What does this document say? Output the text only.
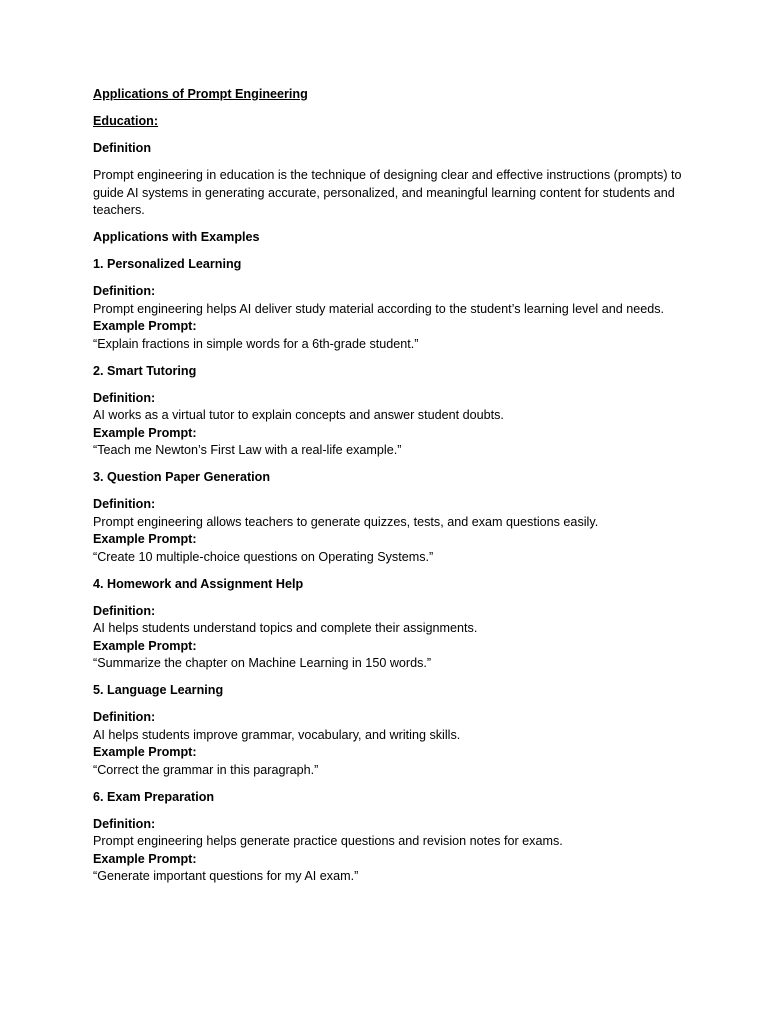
Applications of Prompt Engineering

Education:

Definition

Prompt engineering in education is the technique of designing clear and effective instructions (prompts) to guide AI systems in generating accurate, personalized, and meaningful learning content for students and teachers.

Applications with Examples

1. Personalized Learning

Definition:
Prompt engineering helps AI deliver study material according to the student’s learning level and needs.
Example Prompt:
“Explain fractions in simple words for a 6th-grade student.”

2. Smart Tutoring

Definition:
AI works as a virtual tutor to explain concepts and answer student doubts.
Example Prompt:
“Teach me Newton’s First Law with a real-life example.”

3. Question Paper Generation

Definition:
Prompt engineering allows teachers to generate quizzes, tests, and exam questions easily.
Example Prompt:
“Create 10 multiple-choice questions on Operating Systems.”

4. Homework and Assignment Help

Definition:
AI helps students understand topics and complete their assignments.
Example Prompt:
“Summarize the chapter on Machine Learning in 150 words.”

5. Language Learning

Definition:
AI helps students improve grammar, vocabulary, and writing skills.
Example Prompt:
“Correct the grammar in this paragraph.”

6. Exam Preparation

Definition:
Prompt engineering helps generate practice questions and revision notes for exams.
Example Prompt:
“Generate important questions for my AI exam.”
